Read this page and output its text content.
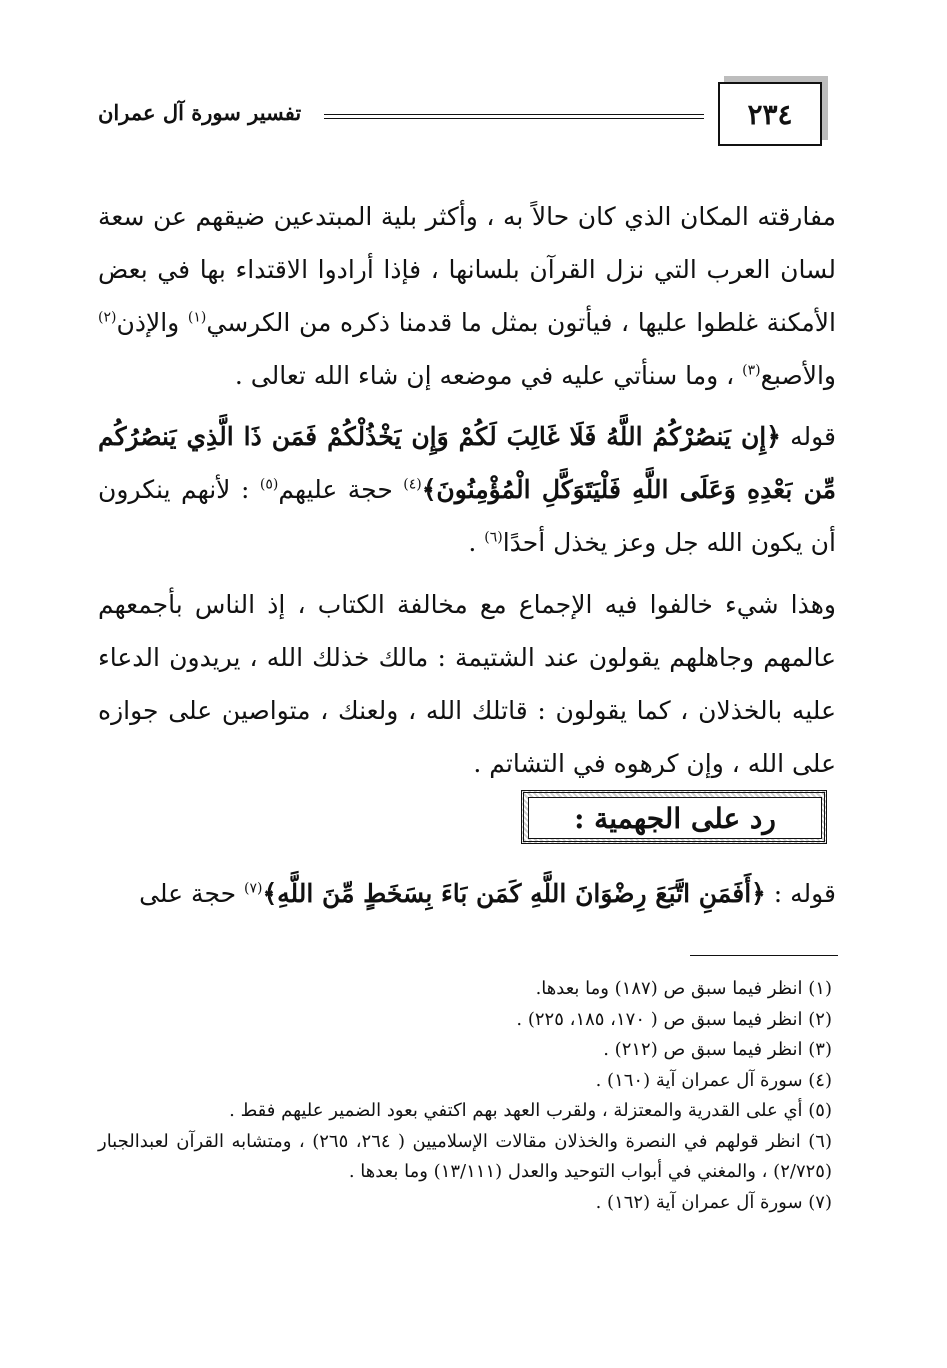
٢٣٤
تفسير سورة آل عمران
مفارقته المكان الذي كان حالاً به ، وأكثر بلية المبتدعين ضيقهم عن سعة لسان العرب التي نزل القرآن بلسانها ، فإذا أرادوا الاقتداء بها في بعض الأمكنة غلطوا عليها ، فيأتون بمثل ما قدمنا ذكره من الكرسي$^{(١)}$ والإذن$^{(٢)}$ والأصبع$^{(٣)}$ ، وما سنأتي عليه في موضعه إن شاء الله تعالى .
قوله ﴿إِن يَنصُرْكُمُ اللَّهُ فَلَا غَالِبَ لَكُمْ وَإِن يَخْذُلْكُمْ فَمَن ذَا الَّذِي يَنصُرُكُم مِّن بَعْدِهِ وَعَلَى اللَّهِ فَلْيَتَوَكَّلِ الْمُؤْمِنُونَ﴾$^{(٤)}$ حجة عليهم$^{(٥)}$ : لأنهم ينكرون أن يكون الله جل وعز يخذل أحدًا$^{(٦)}$ .
وهذا شيء خالفوا فيه الإجماع مع مخالفة الكتاب ، إذ الناس بأجمعهم عالمهم وجاهلهم يقولون عند الشتيمة : مالك خذلك الله ، يريدون الدعاء عليه بالخذلان ، كما يقولون : قاتلك الله ، ولعنك ، متواصين على جوازه على الله ، وإن كرهوه في التشاتم .
رد على الجهمية :
قوله : ﴿أَفَمَنِ اتَّبَعَ رِضْوَانَ اللَّهِ كَمَن بَاءَ بِسَخَطٍ مِّنَ اللَّهِ﴾$^{(٧)}$ حجة على
(١) انظر فيما سبق ص (١٨٧) وما بعدها.
(٢) انظر فيما سبق ص ( ١٧٠، ١٨٥، ٢٢٥) .
(٣) انظر فيما سبق ص (٢١٢) .
(٤) سورة آل عمران آية (١٦٠) .
(٥) أي على القدرية والمعتزلة ، ولقرب العهد بهم اكتفي بعود الضمير عليهم فقط .
(٦) انظر قولهم في النصرة والخذلان مقالات الإسلاميين ( ٢٦٤، ٢٦٥) ، ومتشابه القرآن لعبدالجبار (٢/٧٢٥) ، والمغني في أبواب التوحيد والعدل (١٣/١١١) وما بعدها .
(٧) سورة آل عمران آية (١٦٢) .
